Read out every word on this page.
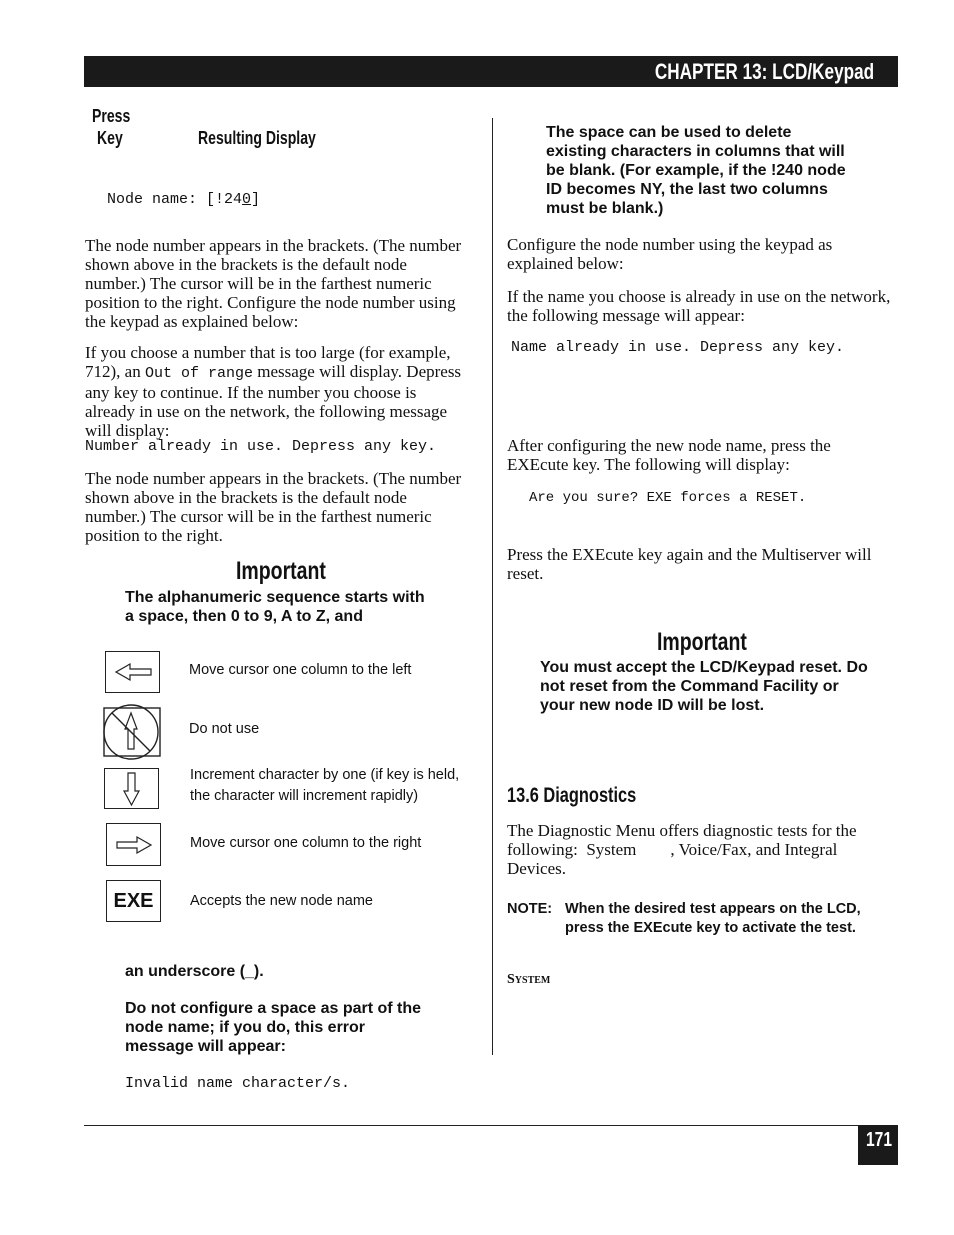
CHAPTER 13: LCD/Keypad
Press
Key	Resulting Display
Node name: [!240]
The node number appears in the brackets. (The number shown above in the brackets is the default node number.) The cursor will be in the farthest numeric position to the right. Configure the node number using the keypad as explained below:
If you choose a number that is too large (for example, 712), an Out of range message will display. Depress any key to continue. If the number you choose is already in use on the network, the following message will display:
Number already in use. Depress any key.
The node number appears in the brackets. (The number shown above in the brackets is the default node number.) The cursor will be in the farthest numeric position to the right.
Important
The alphanumeric sequence starts with a space, then 0 to 9, A to Z, and
Move cursor one column to the left
Do not use
Increment character by one (if key is held, the character will increment rapidly)
Move cursor one column to the right
EXE	Accepts the new node name
an underscore (_).
Do not configure a space as part of the node name; if you do, this error message will appear:
Invalid name character/s.
The space can be used to delete existing characters in columns that will be blank. (For example, if the !240 node ID becomes NY, the last two columns must be blank.)
Configure the node number using the keypad as explained below:
If the name you choose is already in use on the network, the following message will appear:
Name already in use. Depress any key.
After configuring the new node name, press the EXEcute key. The following will display:
Are you sure? EXE forces a RESET.
Press the EXEcute key again and the Multiserver will reset.
Important
You must accept the LCD/Keypad reset. Do not reset from the Command Facility or your new node ID will be lost.
13.6 Diagnostics
The Diagnostic Menu offers diagnostic tests for the following:  System        , Voice/Fax, and Integral Devices.
NOTE: When the desired test appears on the LCD, press the EXEcute key to activate the test.
System
171
